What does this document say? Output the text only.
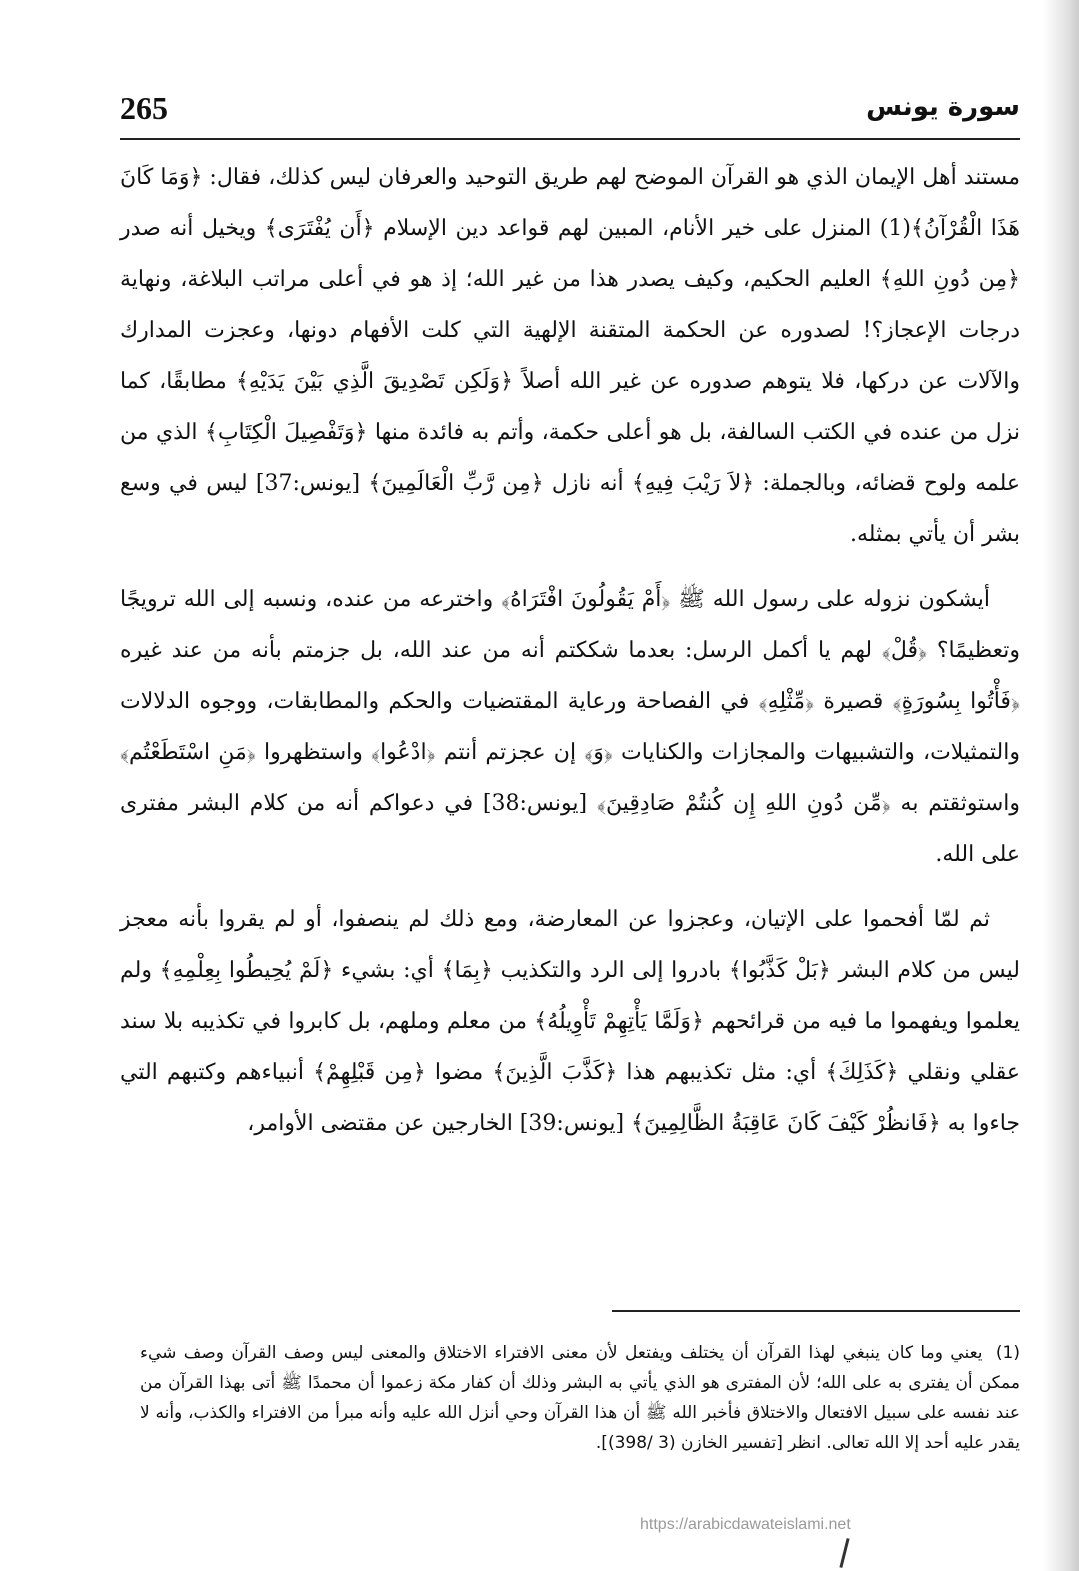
265	سورة يونس

مستند أهل الإيمان الذي هو القرآن الموضح لهم طريق التوحيد والعرفان ليس كذلك، فقال: ﴿وَمَا كَانَ هَذَا الْقُرْآنُ﴾(1) المنزل على خير الأنام، المبين لهم قواعد دين الإسلام ﴿أَن يُفْتَرَى﴾ ويخيل أنه صدر ﴿مِن دُونِ اللهِ﴾ العليم الحكيم، وكيف يصدر هذا من غير الله؛ إذ هو في أعلى مراتب البلاغة، ونهاية درجات الإعجاز؟! لصدوره عن الحكمة المتقنة الإلهية التي كلت الأفهام دونها، وعجزت المدارك والآلات عن دركها، فلا يتوهم صدوره عن غير الله أصلاً ﴿وَلَكِن تَصْدِيقَ الَّذِي بَيْنَ يَدَيْهِ﴾ مطابقًا، كما نزل من عنده في الكتب السالفة، بل هو أعلى حكمة، وأتم به فائدة منها ﴿وَتَفْصِيلَ الْكِتَابِ﴾ الذي من علمه ولوح قضائه، وبالجملة: ﴿لاَ رَيْبَ فِيهِ﴾ أنه نازل ﴿مِن رَّبِّ الْعَالَمِينَ﴾ [يونس:37] ليس في وسع بشر أن يأتي بمثله.

أيشكون نزوله على رسول الله ﷺ ﴿أَمْ يَقُولُونَ افْتَرَاهُ﴾ واخترعه من عنده، ونسبه إلى الله ترويجًا وتعظيمًا؟ ﴿قُلْ﴾ لهم يا أكمل الرسل: بعدما شككتم أنه من عند الله، بل جزمتم بأنه من عند غيره ﴿فَأْتُوا بِسُورَةٍ﴾ قصيرة ﴿مِّثْلِهِ﴾ في الفصاحة ورعاية المقتضيات والحكم والمطابقات، ووجوه الدلالات والتمثيلات، والتشبيهات والمجازات والكنايات ﴿وَ﴾ إن عجزتم أنتم ﴿ادْعُوا﴾ واستظهروا ﴿مَنِ اسْتَطَعْتُم﴾ واستوثقتم به ﴿مِّن دُونِ اللهِ إِن كُنتُمْ صَادِقِينَ﴾ [يونس:38] في دعواكم أنه من كلام البشر مفترى على الله.

ثم لمّا أفحموا على الإتيان، وعجزوا عن المعارضة، ومع ذلك لم ينصفوا، أو لم يقروا بأنه معجز ليس من كلام البشر ﴿بَلْ كَذَّبُوا﴾ بادروا إلى الرد والتكذيب ﴿بِمَا﴾ أي: بشيء ﴿لَمْ يُحِيطُوا بِعِلْمِهِ﴾ ولم يعلموا ويفهموا ما فيه من قرائحهم ﴿وَلَمَّا يَأْتِهِمْ تَأْوِيلُهُ﴾ من معلم وملهم، بل كابروا في تكذيبه بلا سند عقلي ونقلي ﴿كَذَلِكَ﴾ أي: مثل تكذيبهم هذا ﴿كَذَّبَ الَّذِينَ﴾ مضوا ﴿مِن قَبْلِهِمْ﴾ أنبياءهم وكتبهم التي جاءوا به ﴿فَانظُرْ كَيْفَ كَانَ عَاقِبَةُ الظَّالِمِينَ﴾ [يونس:39] الخارجين عن مقتضى الأوامر،

(1) يعني وما كان ينبغي لهذا القرآن أن يختلف ويفتعل لأن معنى الافتراء الاختلاق والمعنى ليس وصف القرآن وصف شيء ممكن أن يفترى به على الله؛ لأن المفترى هو الذي يأتي به البشر وذلك أن كفار مكة زعموا أن محمدًا ﷺ أتى بهذا القرآن من عند نفسه على سبيل الافتعال والاختلاق فأخبر الله ﷺ أن هذا القرآن وحي أنزل الله عليه وأنه مبرأ من الافتراء والكذب، وأنه لا يقدر عليه أحد إلا الله تعالى. انظر [تفسير الخازن (3 /398)].

https://arabicdawateislami.net
